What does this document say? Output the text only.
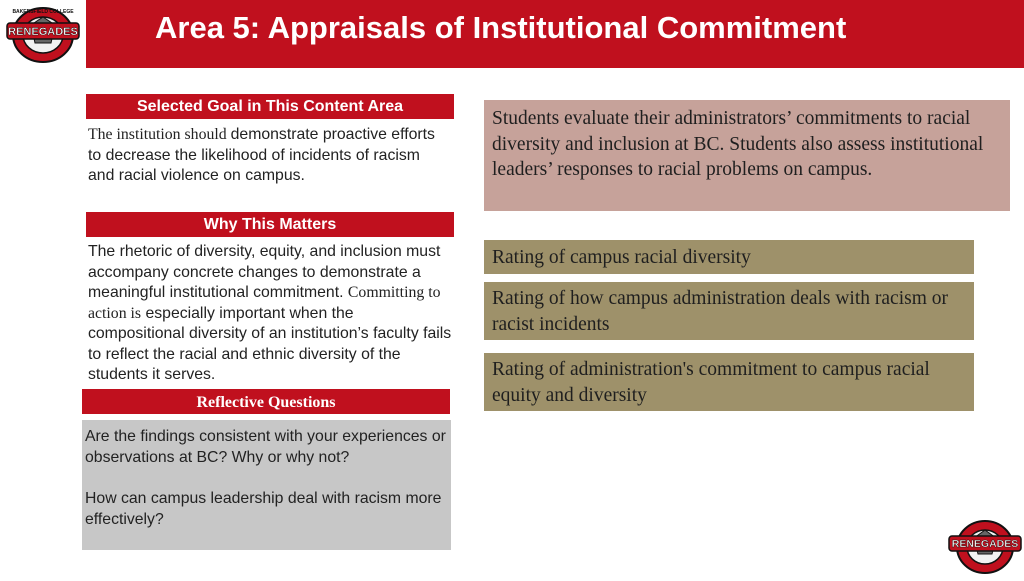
RENEGADES
BAKERSFIELD COLLEGE	Area 5: Appraisals of Institutional Commitment
Selected Goal in This Content Area
The institution should demonstrate proactive efforts to decrease the likelihood of incidents of racism and racial violence on campus.
Why This Matters
The rhetoric of diversity, equity, and inclusion must accompany concrete changes to demonstrate a meaningful institutional commitment. Committing to action is especially important when the compositional diversity of an institution’s faculty fails to reflect the racial and ethnic diversity of the students it serves.
Reflective Questions
Are the findings consistent with your experiences or observations at BC? Why or why not?
How can campus leadership deal with racism more effectively?
Students evaluate their administrators’ commitments to racial diversity and inclusion at BC. Students also assess institutional leaders’ responses to racial problems on campus.
Rating of campus racial diversity
Rating of how campus administration deals with racism or racist incidents
Rating of administration's commitment to campus racial equity and diversity
RENEGADES
